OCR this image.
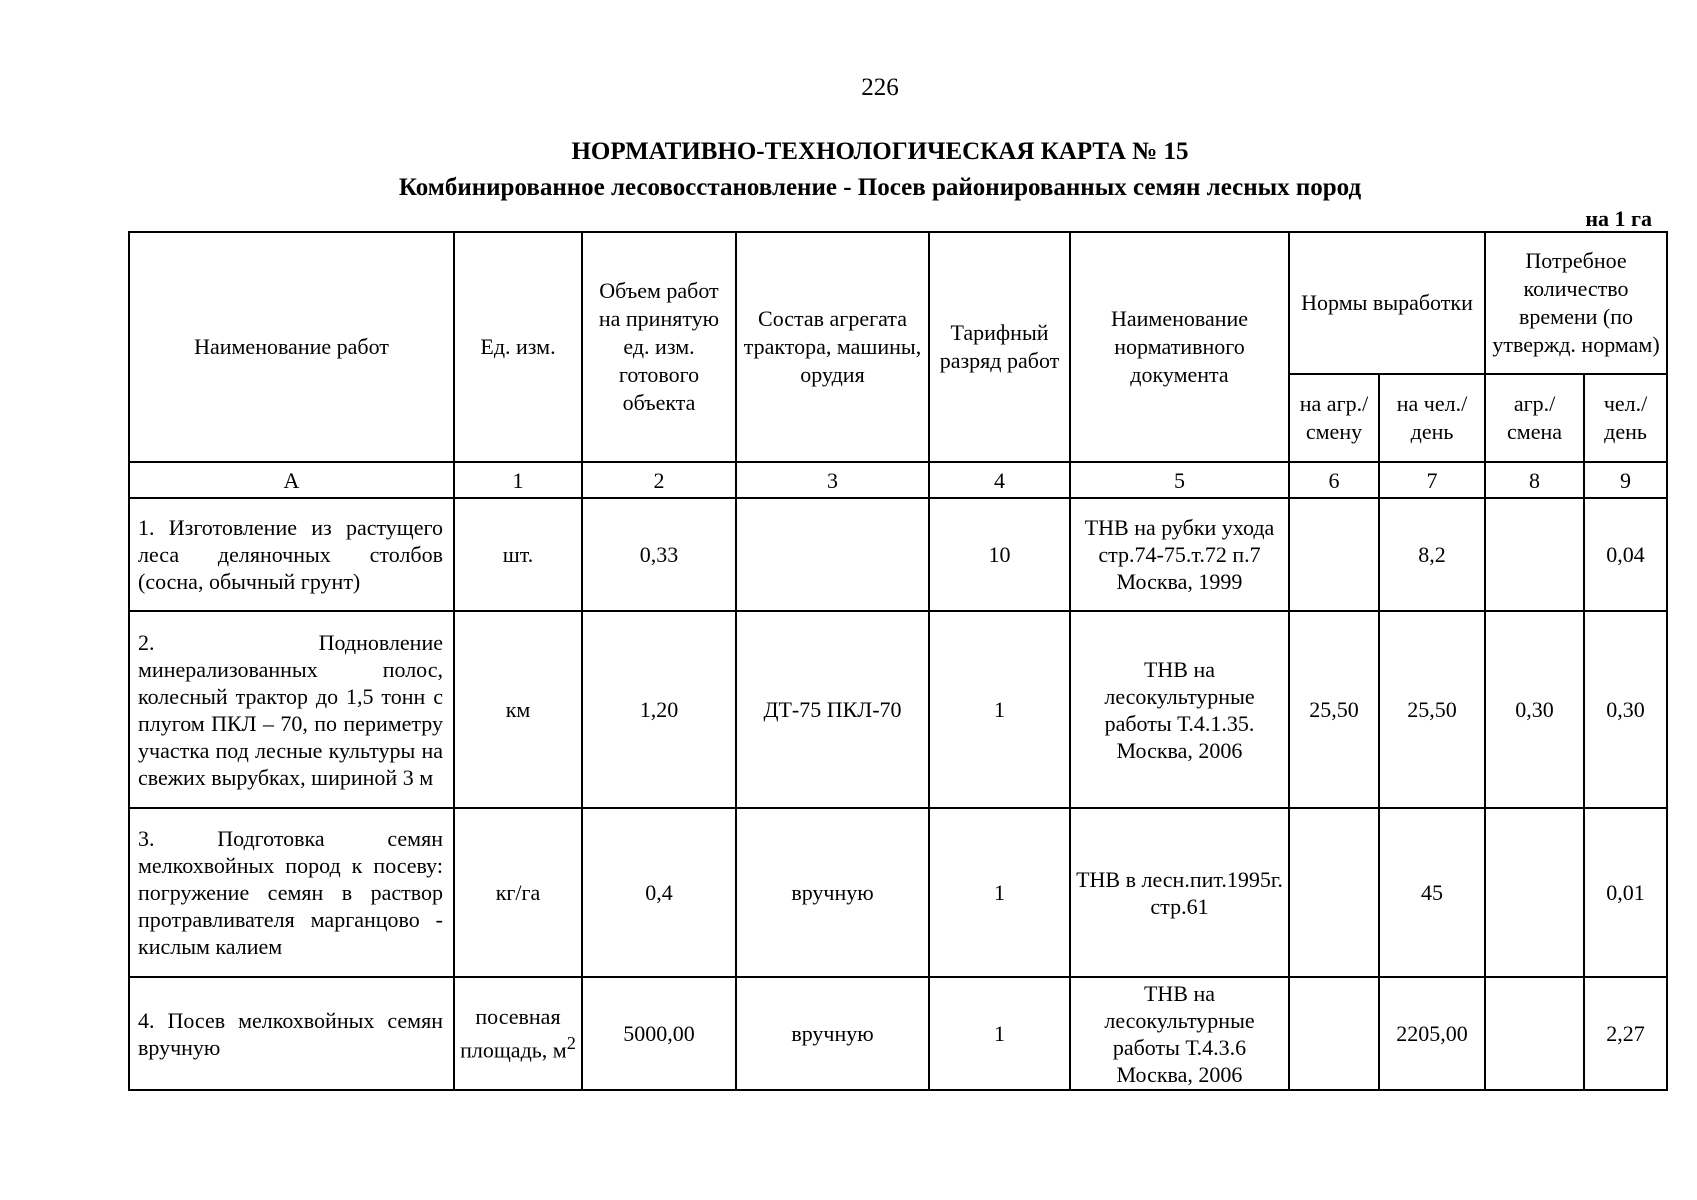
226
НОРМАТИВНО-ТЕХНОЛОГИЧЕСКАЯ КАРТА № 15
Комбинированное лесовосстановление - Посев районированных семян лесных пород
на 1 га
Наименование работ	Ед. изм.	Объем работ на принятую ед. изм. готового объекта	Состав агрегата трактора, машины, орудия	Тарифный разряд работ	Наименование нормативного документа	Нормы выработки		Потребное количество времени (по утвержд. нормам)	
						на агр./ смену	на чел./ день	агр./ смена	чел./ день
А	1	2	3	4	5	6	7	8	9
1. Изготовление из растущего леса деляночных столбов (сосна, обычный грунт)	шт.	0,33		10	ТНВ на рубки ухода стр.74-75.т.72 п.7 Москва, 1999		8,2		0,04
2. Подновление минерализованных полос, колесный трактор до 1,5 тонн с плугом ПКЛ – 70, по периметру участка под лесные культуры на свежих вырубках, шириной 3 м	км	1,20	ДТ-75 ПКЛ-70	1	ТНВ на лесокультурные работы Т.4.1.35. Москва, 2006	25,50	25,50	0,30	0,30
3. Подготовка семян мелкохвойных пород к посеву: погружение семян в раствор протравливателя марганцово - кислым калием	кг/га	0,4	вручную	1	ТНВ в лесн.пит.1995г. стр.61		45		0,01
4. Посев мелкохвойных семян вручную	посевная площадь, $м^2$	5000,00	вручную	1	ТНВ на лесокультурные работы Т.4.3.6 Москва, 2006		2205,00		2,27
